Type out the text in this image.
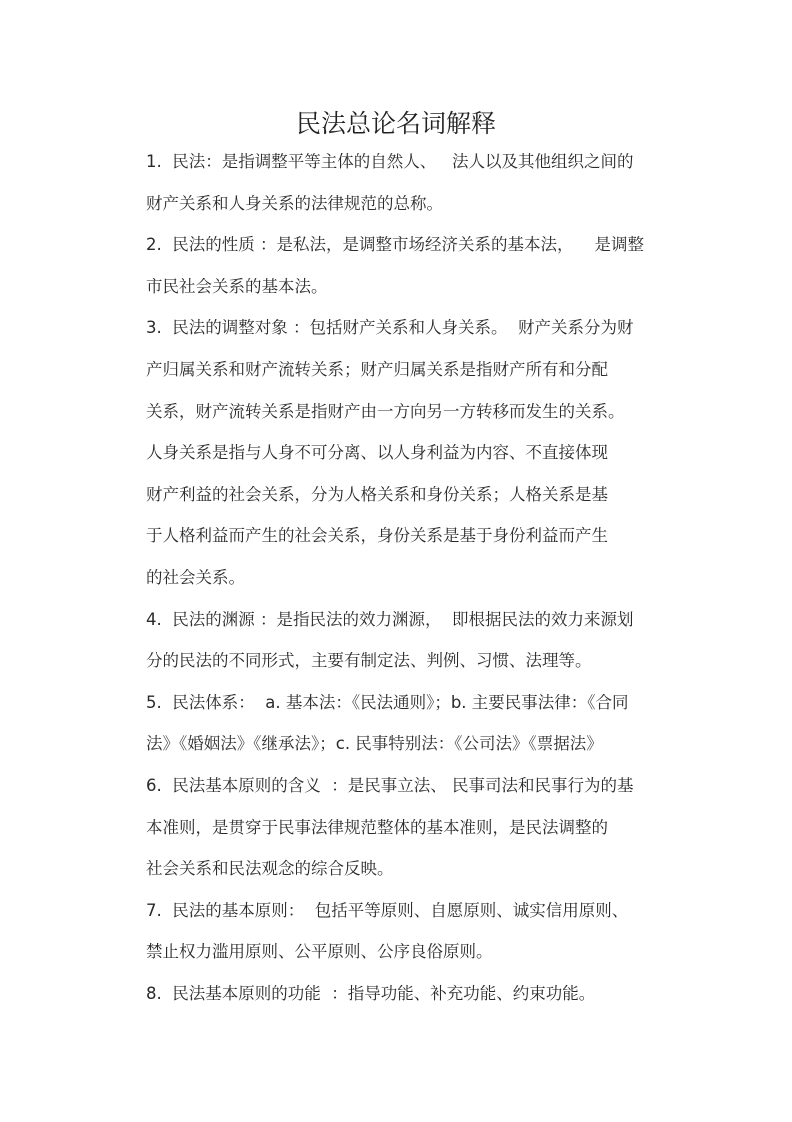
民法总论名词解释
1.  民法：是指调整平等主体的自然人、   法人以及其他组织之间的
财产关系和人身关系的法律规范的总称。
2.  民法的性质 ：是私法，是调整市场经济关系的基本法，    是调整
市民社会关系的基本法。
3.  民法的调整对象 ：包括财产关系和人身关系。  财产关系分为财
产归属关系和财产流转关系；财产归属关系是指财产所有和分配
关系，财产流转关系是指财产由一方向另一方转移而发生的关系。
人身关系是指与人身不可分离、以人身利益为内容、不直接体现
财产利益的社会关系，分为人格关系和身份关系；人格关系是基
于人格利益而产生的社会关系，身份关系是基于身份利益而产生
的社会关系。
4.  民法的渊源 ：是指民法的效力渊源，  即根据民法的效力来源划
分的民法的不同形式，主要有制定法、判例、习惯、法理等。
5.  民法体系：  a. 基本法：《民法通则》；b. 主要民事法律：《合同
法》《婚姻法》《继承法》；c. 民事特别法：《公司法》《票据法》
6.  民法基本原则的含义  ：是民事立法、 民事司法和民事行为的基
本准则，是贯穿于民事法律规范整体的基本准则，是民法调整的
社会关系和民法观念的综合反映。
7.  民法的基本原则：  包括平等原则、自愿原则、诚实信用原则、
禁止权力滥用原则、公平原则、公序良俗原则。
8.  民法基本原则的功能  ：指导功能、补充功能、约束功能。
